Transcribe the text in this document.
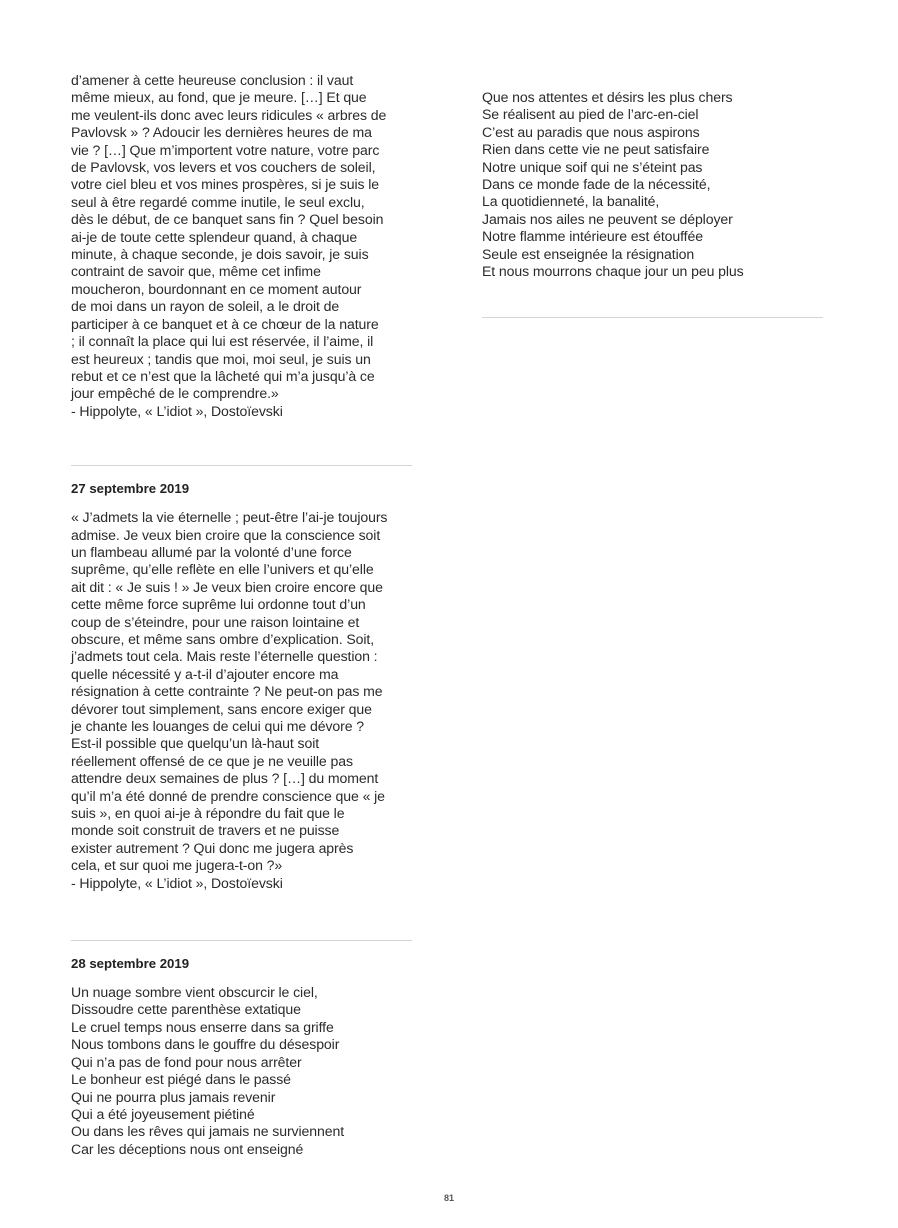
d’amener à cette heureuse conclusion : il vaut
même mieux, au fond, que je meure. […] Et que
me veulent-ils donc avec leurs ridicules « arbres de
Pavlovsk » ? Adoucir les dernières heures de ma
vie ? […] Que m’importent votre nature, votre parc
de Pavlovsk, vos levers et vos couchers de soleil,
votre ciel bleu et vos mines prospères, si je suis le
seul à être regardé comme inutile, le seul exclu,
dès le début, de ce banquet sans fin ? Quel besoin
ai-je de toute cette splendeur quand, à chaque
minute, à chaque seconde, je dois savoir, je suis
contraint de savoir que, même cet infime
moucheron, bourdonnant en ce moment autour
de moi dans un rayon de soleil, a le droit de
participer à ce banquet et à ce chœur de la nature
; il connaît la place qui lui est réservée, il l’aime, il
est heureux ; tandis que moi, moi seul, je suis un
rebut et ce n’est que la lâcheté qui m’a jusqu’à ce
jour empêché de le comprendre.»
- Hippolyte, « L’idiot », Dostoïevski

27 septembre 2019

« J’admets la vie éternelle ; peut-être l’ai-je toujours
admise. Je veux bien croire que la conscience soit
un flambeau allumé par la volonté d’une force
suprême, qu’elle reflète en elle l’univers et qu’elle
ait dit : « Je suis ! » Je veux bien croire encore que
cette même force suprême lui ordonne tout d’un
coup de s’éteindre, pour une raison lointaine et
obscure, et même sans ombre d’explication. Soit,
j’admets tout cela. Mais reste l’éternelle question :
quelle nécessité y a-t-il d’ajouter encore ma
résignation à cette contrainte ? Ne peut-on pas me
dévorer tout simplement, sans encore exiger que
je chante les louanges de celui qui me dévore ?
Est-il possible que quelqu’un là-haut soit
réellement offensé de ce que je ne veuille pas
attendre deux semaines de plus ? […] du moment
qu’il m’a été donné de prendre conscience que « je
suis », en quoi ai-je à répondre du fait que le
monde soit construit de travers et ne puisse
exister autrement ? Qui donc me jugera après
cela, et sur quoi me jugera-t-on ?»
- Hippolyte, « L’idiot », Dostoïevski

28 septembre 2019

Un nuage sombre vient obscurcir le ciel,
Dissoudre cette parenthèse extatique
Le cruel temps nous enserre dans sa griffe
Nous tombons dans le gouffre du désespoir
Qui n’a pas de fond pour nous arrêter
Le bonheur est piégé dans le passé
Qui ne pourra plus jamais revenir
Qui a été joyeusement piétiné
Ou dans les rêves qui jamais ne surviennent
Car les déceptions nous ont enseigné
Que nos attentes et désirs les plus chers
Se réalisent au pied de l’arc-en-ciel
C’est au paradis que nous aspirons
Rien dans cette vie ne peut satisfaire
Notre unique soif qui ne s’éteint pas
Dans ce monde fade de la nécessité,
La quotidienneté, la banalité,
Jamais nos ailes ne peuvent se déployer
Notre flamme intérieure est étouffée
Seule est enseignée la résignation
Et nous mourrons chaque jour un peu plus
81
